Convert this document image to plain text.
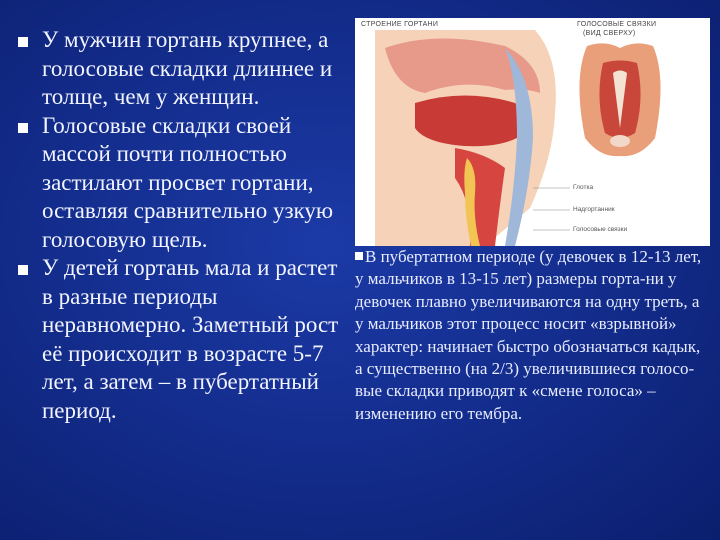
У мужчин гортань крупнее, а голосовые складки длиннее и толще, чем у женщин.
Голосовые складки своей массой почти полностью застилают просвет гортани, оставляя сравнительно узкую голосовую щель.
У детей гортань мала и растет в разные периоды неравномерно. Заметный рост её происходит в возрасте 5-7 лет, а затем – в пубертатный период.
СТРОЕНИЕ ГОРТАНИ	ГОЛОСОВЫЕ СВЯЗКИ
(ВИД СВЕРХУ)
Глотка
Надгортанник
Голосовые связки
В пубертатном периоде (у девочек в 12-13 лет, у мальчиков в 13-15 лет) размеры горта-ни у девочек плавно увеличиваются на одну треть, а у мальчиков этот процесс носит «взрывной» характер: начинает быстро обозначаться кадык, а существенно (на 2/3) увеличившиеся голосо-вые складки приводят к «смене голоса» – изменению его тембра.
